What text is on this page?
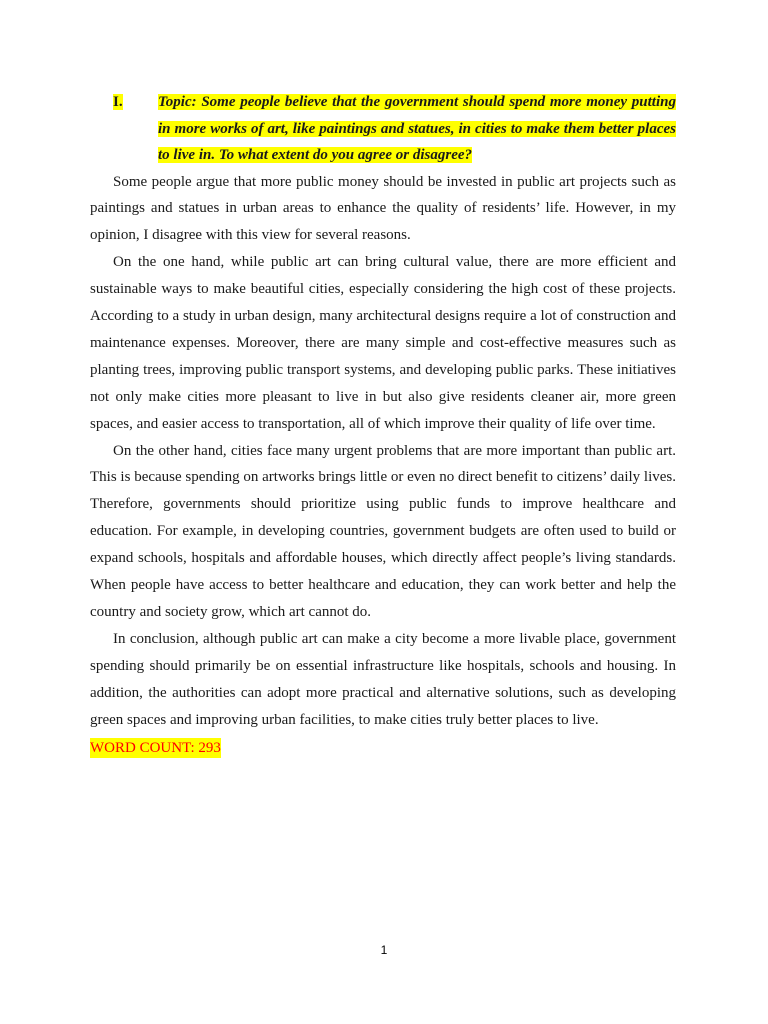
I.	Topic: Some people believe that the government should spend more money putting in more works of art, like paintings and statues, in cities to make them better places to live in. To what extent do you agree or disagree?

Some people argue that more public money should be invested in public art projects such as paintings and statues in urban areas to enhance the quality of residents’ life. However, in my opinion, I disagree with this view for several reasons.

On the one hand, while public art can bring cultural value, there are more efficient and sustainable ways to make beautiful cities, especially considering the high cost of these projects. According to a study in urban design, many architectural designs require a lot of construction and maintenance expenses. Moreover, there are many simple and cost-effective measures such as planting trees, improving public transport systems, and developing public parks. These initiatives not only make cities more pleasant to live in but also give residents cleaner air, more green spaces, and easier access to transportation, all of which improve their quality of life over time.

On the other hand, cities face many urgent problems that are more important than public art. This is because spending on artworks brings little or even no direct benefit to citizens’ daily lives. Therefore, governments should prioritize using public funds to improve healthcare and education. For example, in developing countries, government budgets are often used to build or expand schools, hospitals and affordable houses, which directly affect people’s living standards. When people have access to better healthcare and education, they can work better and help the country and society grow, which art cannot do.

In conclusion, although public art can make a city become a more livable place, government spending should primarily be on essential infrastructure like hospitals, schools and housing. In addition, the authorities can adopt more practical and alternative solutions, such as developing green spaces and improving urban facilities, to make cities truly better places to live.

WORD COUNT: 293

1
